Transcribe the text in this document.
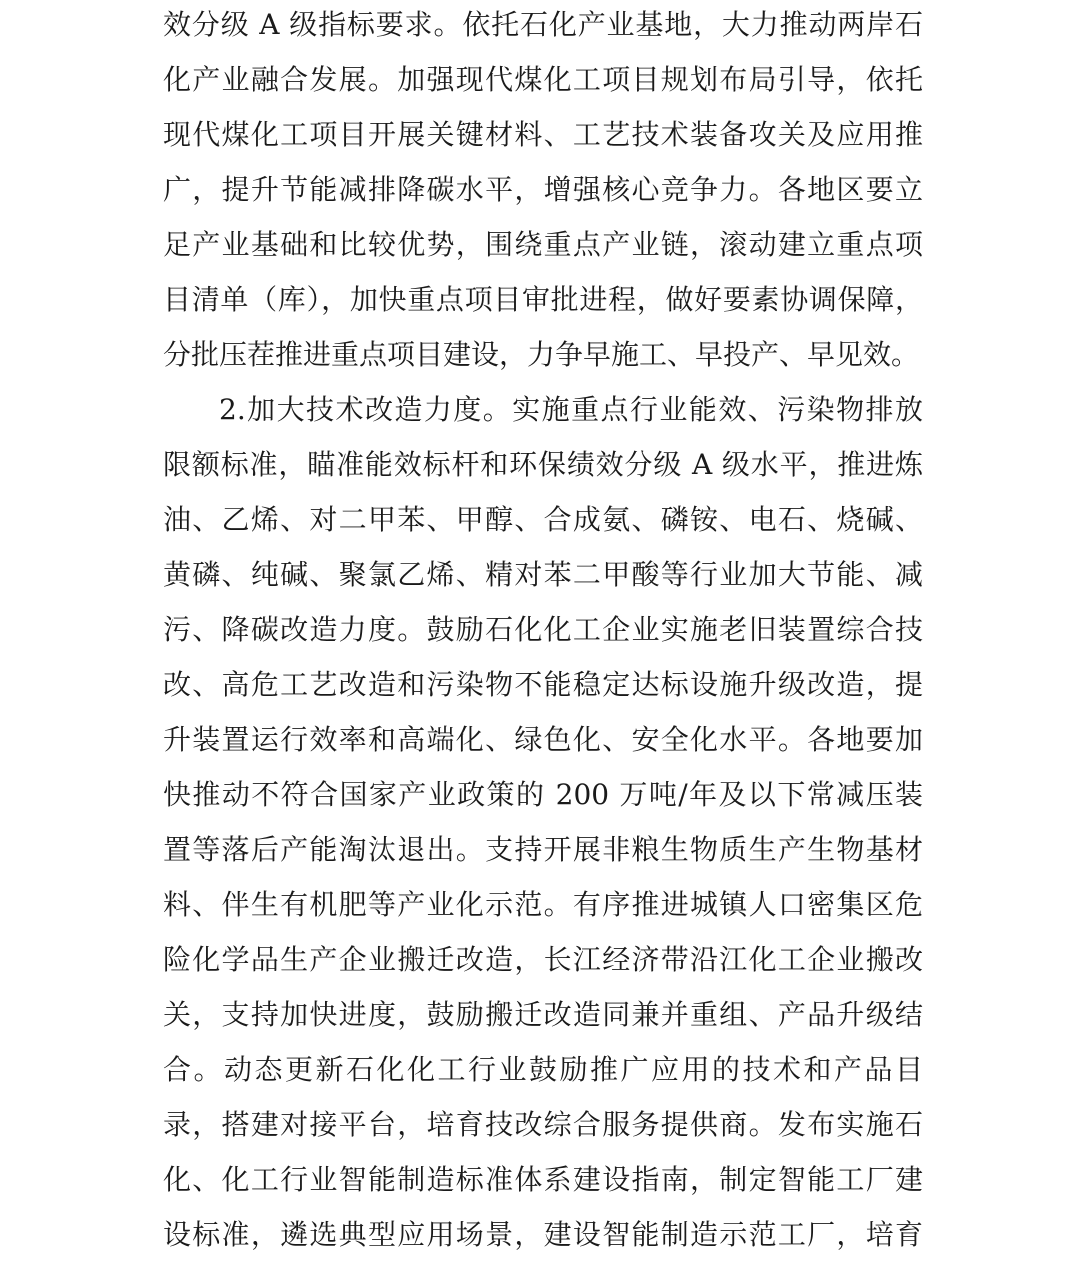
效分级 A 级指标要求。依托石化产业基地，大力推动两岸石
化产业融合发展。加强现代煤化工项目规划布局引导，依托
现代煤化工项目开展关键材料、工艺技术装备攻关及应用推
广，提升节能减排降碳水平，增强核心竞争力。各地区要立
足产业基础和比较优势，围绕重点产业链，滚动建立重点项
目清单（库），加快重点项目审批进程，做好要素协调保障，
分批压茬推进重点项目建设，力争早施工、早投产、早见效。
2.加大技术改造力度。实施重点行业能效、污染物排放
限额标准，瞄准能效标杆和环保绩效分级 A 级水平，推进炼
油、乙烯、对二甲苯、甲醇、合成氨、磷铵、电石、烧碱、
黄磷、纯碱、聚氯乙烯、精对苯二甲酸等行业加大节能、减
污、降碳改造力度。鼓励石化化工企业实施老旧装置综合技
改、高危工艺改造和污染物不能稳定达标设施升级改造，提
升装置运行效率和高端化、绿色化、安全化水平。各地要加
快推动不符合国家产业政策的 200 万吨/年及以下常减压装
置等落后产能淘汰退出。支持开展非粮生物质生产生物基材
料、伴生有机肥等产业化示范。有序推进城镇人口密集区危
险化学品生产企业搬迁改造，长江经济带沿江化工企业搬改
关，支持加快进度，鼓励搬迁改造同兼并重组、产品升级结
合。动态更新石化化工行业鼓励推广应用的技术和产品目
录，搭建对接平台，培育技改综合服务提供商。发布实施石
化、化工行业智能制造标准体系建设指南，制定智能工厂建
设标准，遴选典型应用场景，建设智能制造示范工厂，培育
